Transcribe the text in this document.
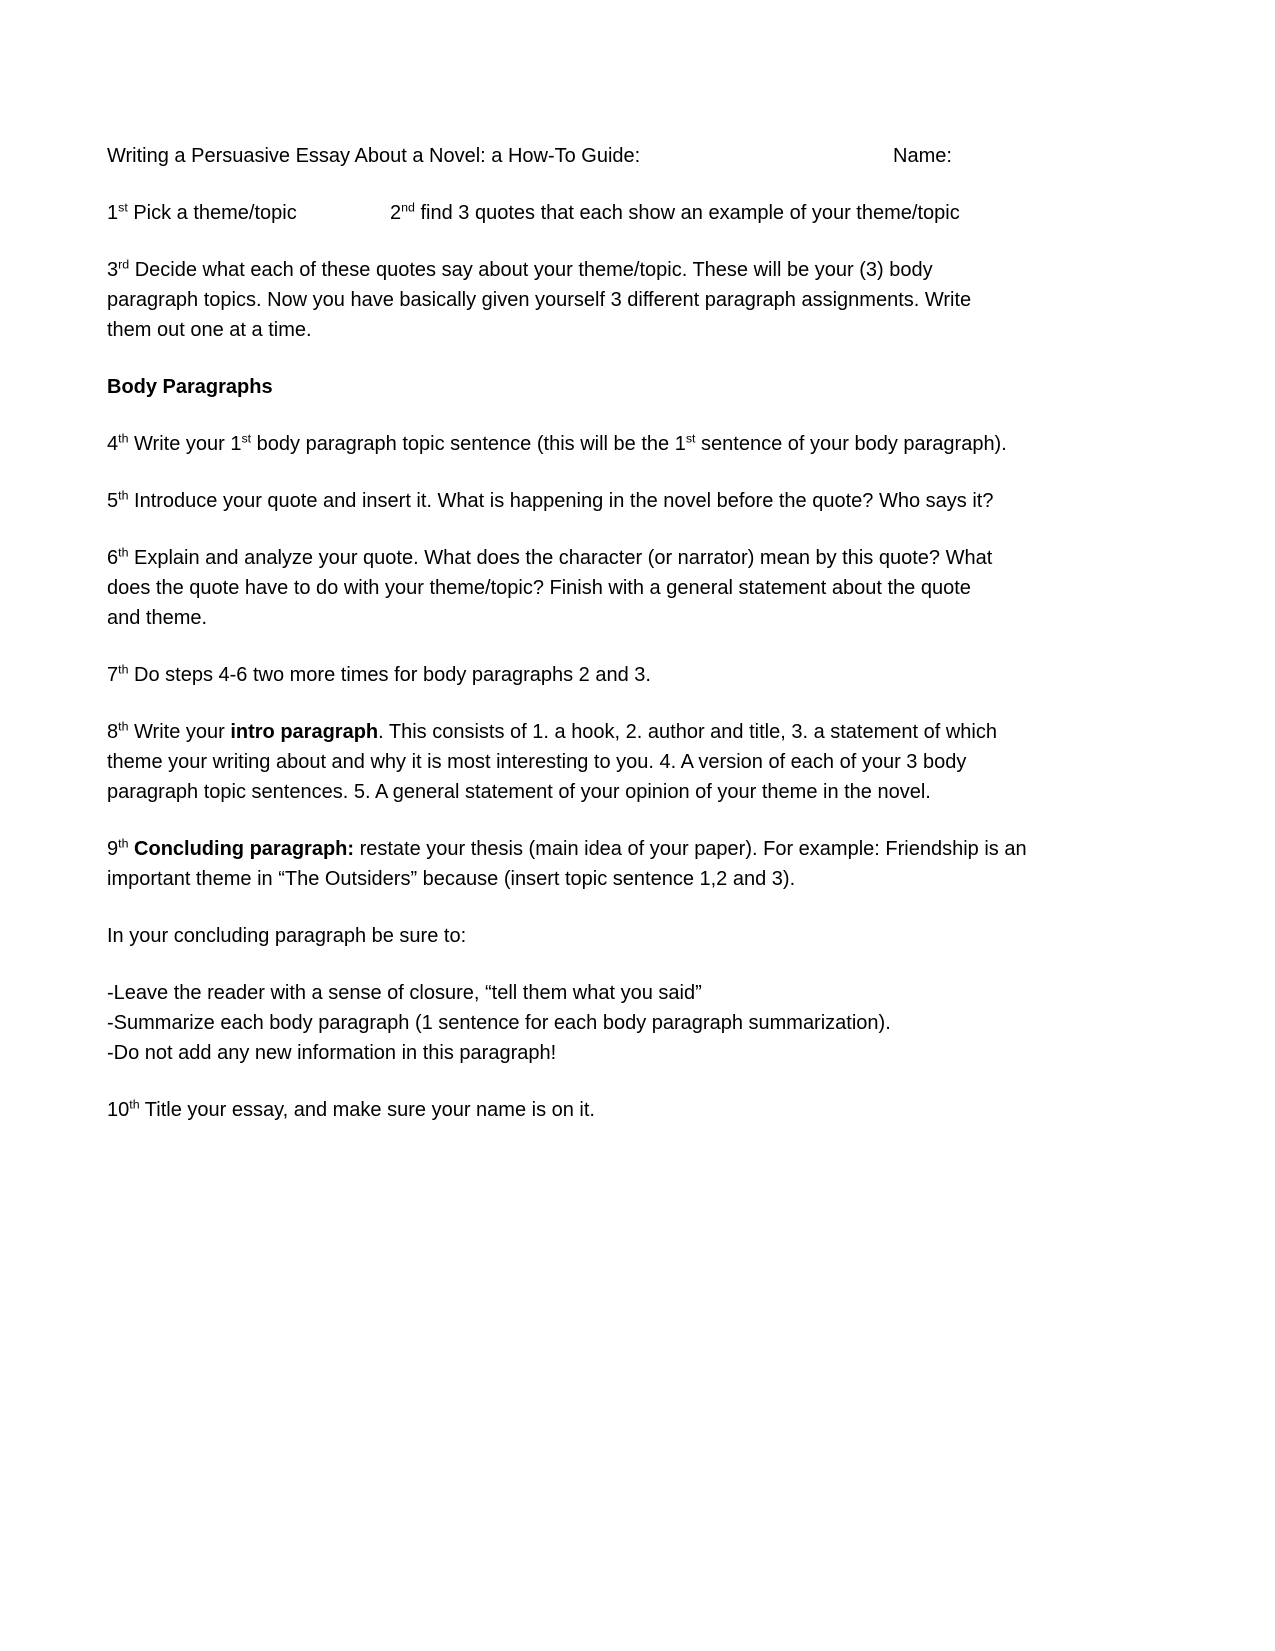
Writing a Persuasive Essay About a Novel: a How-To Guide:	Name:

1st Pick a theme/topic	2nd find 3 quotes that each show an example of your theme/topic

3rd Decide what each of these quotes say about your theme/topic. These will be your (3) body
paragraph topics. Now you have basically given yourself 3 different paragraph assignments. Write
them out one at a time.

Body Paragraphs

4th Write your 1st body paragraph topic sentence (this will be the 1st sentence of your body paragraph).

5th Introduce your quote and insert it. What is happening in the novel before the quote? Who says it?

6th Explain and analyze your quote. What does the character (or narrator) mean by this quote? What
does the quote have to do with your theme/topic? Finish with a general statement about the quote
and theme.

7th Do steps 4-6 two more times for body paragraphs 2 and 3.

8th Write your intro paragraph. This consists of 1. a hook, 2. author and title, 3. a statement of which
theme your writing about and why it is most interesting to you. 4. A version of each of your 3 body
paragraph topic sentences. 5. A general statement of your opinion of your theme in the novel.

9th Concluding paragraph: restate your thesis (main idea of your paper). For example: Friendship is an
important theme in “The Outsiders” because (insert topic sentence 1,2 and 3).

In your concluding paragraph be sure to:

-Leave the reader with a sense of closure, “tell them what you said”
-Summarize each body paragraph (1 sentence for each body paragraph summarization).
-Do not add any new information in this paragraph!

10th Title your essay, and make sure your name is on it.
